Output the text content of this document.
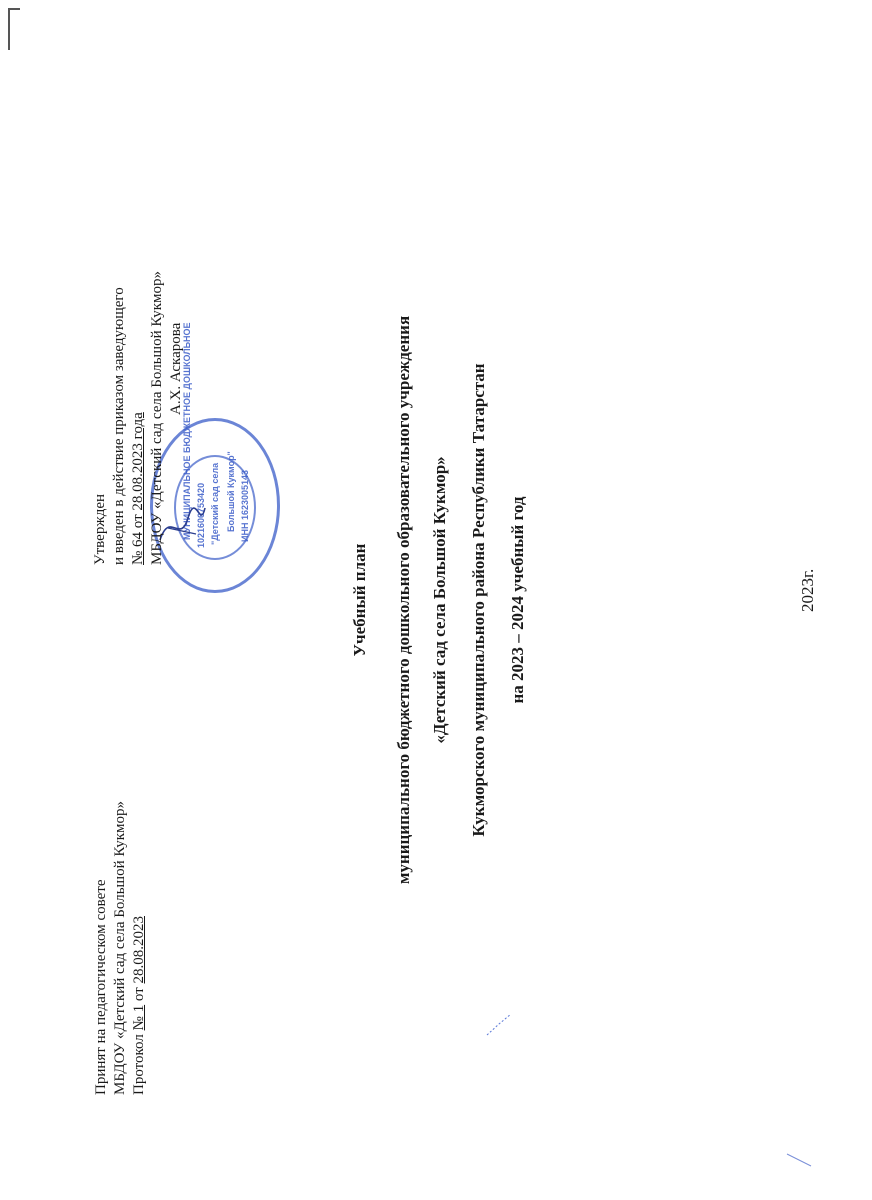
Принят на педагогическом совете МБДОУ «Детский сад села Большой Кукмор» Протокол № 1 от 28.08.2023
МУНИЦИПАЛЬНОЕ БЮДЖЕТНОЕ ДОШКОЛЬНОЕ 1021606753420 "Детский сад села Большой Кукмор" ИНН 1623005143
Утвержден и введен в действие приказом заведующего № 64 от 28.08.2023 года МБДОУ «Детский сад села Большой Кукмор» А.Х. Аскарова
Учебный план муниципального бюджетного дошкольного образовательного учреждения «Детский сад села Большой Кукмор» Кукморского муниципального района Республики Татарстан на 2023 – 2024 учебный год	2023г.
